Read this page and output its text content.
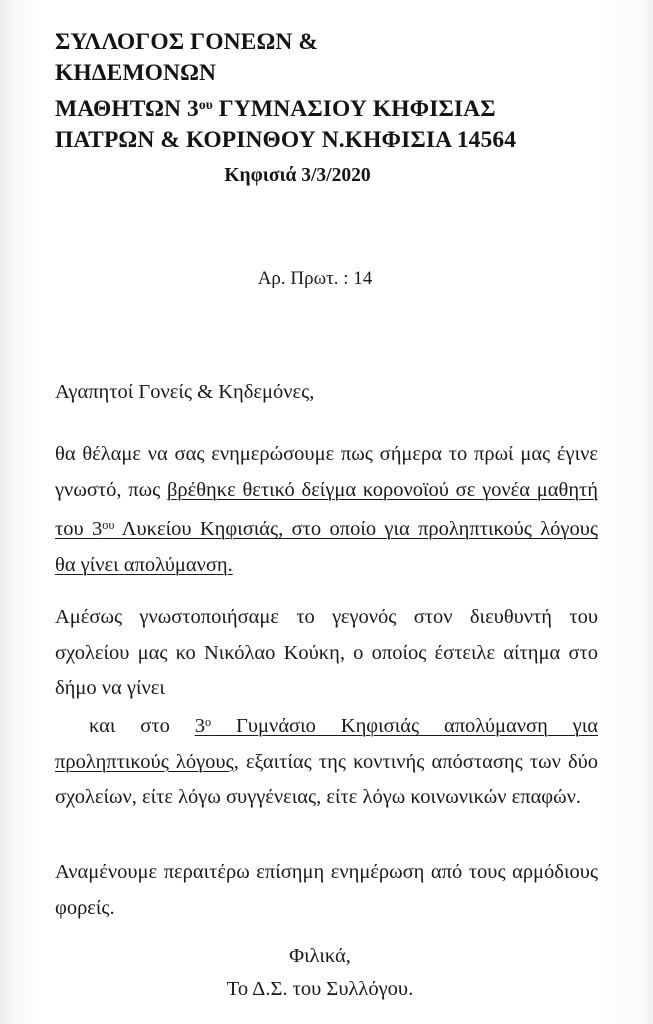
ΣΥΛΛΟΓΟΣ ΓΟΝΕΩΝ &
ΚΗΔΕΜΟΝΩΝ
ΜΑΘΗΤΩΝ $3^{o\upsilon}$ ΓΥΜΝΑΣΙΟΥ ΚΗΦΙΣΙΑΣ
ΠΑΤΡΩΝ & ΚΟΡΙΝΘΟΥ Ν.ΚΗΦΙΣΙΑ 14564
Κηφισιά 3/3/2020
Αρ. Πρωτ. : 14
Αγαπητοί Γονείς & Κηδεμόνες,
θα θέλαμε να σας ενημερώσουμε πως σήμερα το πρωί μας έγινε γνωστό, πως βρέθηκε θετικό δείγμα κορονοϊού σε γονέα μαθητή του $3^{o\upsilon}$ Λυκείου Κηφισιάς, στο οποίο για προληπτικούς λόγους θα γίνει απολύμανση.
Αμέσως γνωστοποιήσαμε το γεγονός στον διευθυντή του σχολείου μας κο Νικόλαο Κούκη, ο οποίος έστειλε αίτημα στο δήμο να γίνει
και στο $3^o$ Γυμνάσιο Κηφισιάς απολύμανση για προληπτικούς λόγους, εξαιτίας της κοντινής απόστασης των δύο σχολείων, είτε λόγω συγγένειας, είτε λόγω κοινωνικών επαφών.
Αναμένουμε περαιτέρω επίσημη ενημέρωση από τους αρμόδιους φορείς.
Φιλικά,
Το Δ.Σ. του Συλλόγου.
